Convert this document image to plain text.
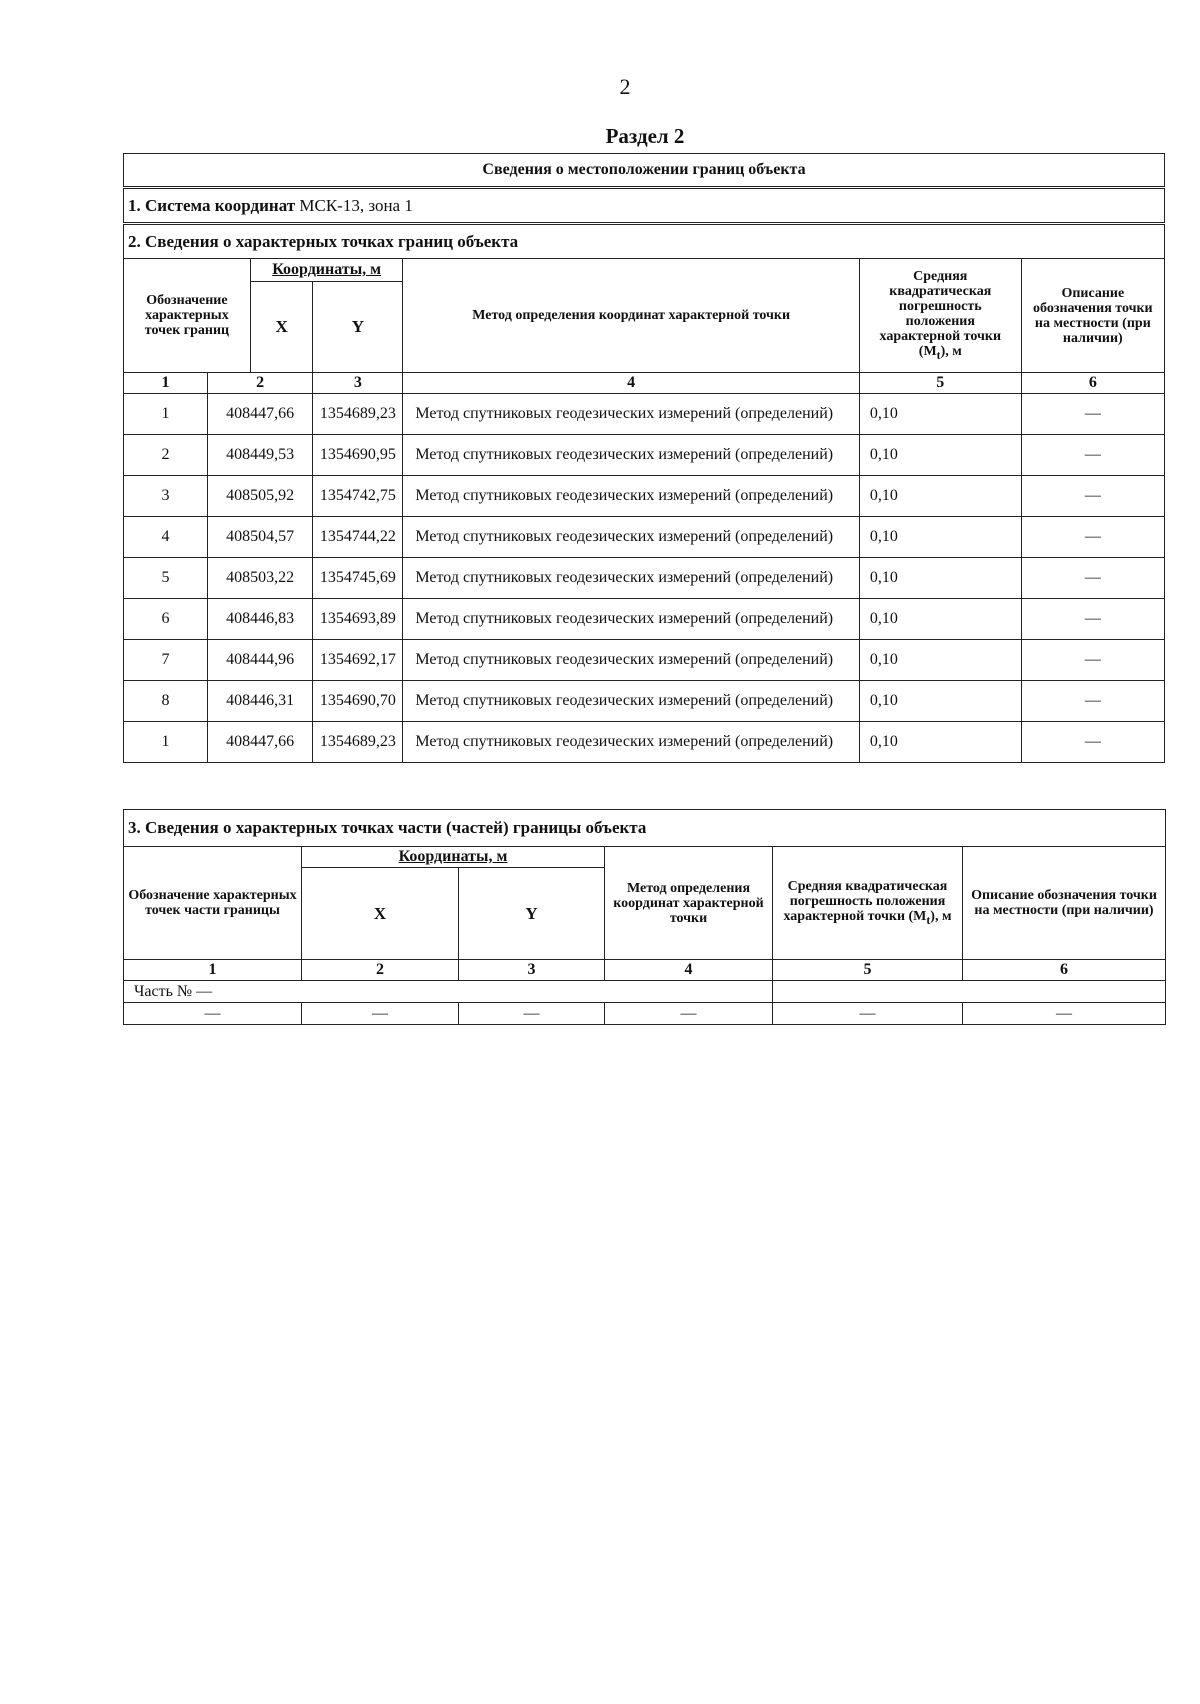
2
Раздел 2
Сведения о местоположении границ объекта						
1. Система координат МСК-13, зона 1						
2. Сведения о характерных точках границ объекта						
Обозначение характерных точек границ		Координаты, м		Метод определения координат характерной точки	Средняя квадратическая погрешность положения характерной точки $(M_t)$, м	Описание обозначения точки на местности (при наличии)
		X	Y			
1	2		3	4	5	6
1	408447,66		1354689,23	Метод спутниковых геодезических измерений (определений)	0,10	—
2	408449,53		1354690,95	Метод спутниковых геодезических измерений (определений)	0,10	—
3	408505,92		1354742,75	Метод спутниковых геодезических измерений (определений)	0,10	—
4	408504,57		1354744,22	Метод спутниковых геодезических измерений (определений)	0,10	—
5	408503,22		1354745,69	Метод спутниковых геодезических измерений (определений)	0,10	—
6	408446,83		1354693,89	Метод спутниковых геодезических измерений (определений)	0,10	—
7	408444,96		1354692,17	Метод спутниковых геодезических измерений (определений)	0,10	—
8	408446,31		1354690,70	Метод спутниковых геодезических измерений (определений)	0,10	—
1	408447,66		1354689,23	Метод спутниковых геодезических измерений (определений)	0,10	—
3. Сведения о характерных точках части (частей) границы объекта					
Обозначение характерных точек части границы	Координаты, м		Метод определения координат характерной точки	Средняя квадратическая погрешность положения характерной точки $(M_t)$, м	Описание обозначения точки на местности (при наличии)
	X	Y			
1	2	3	4	5	6
Часть № —					
—	—	—	—	—	—
